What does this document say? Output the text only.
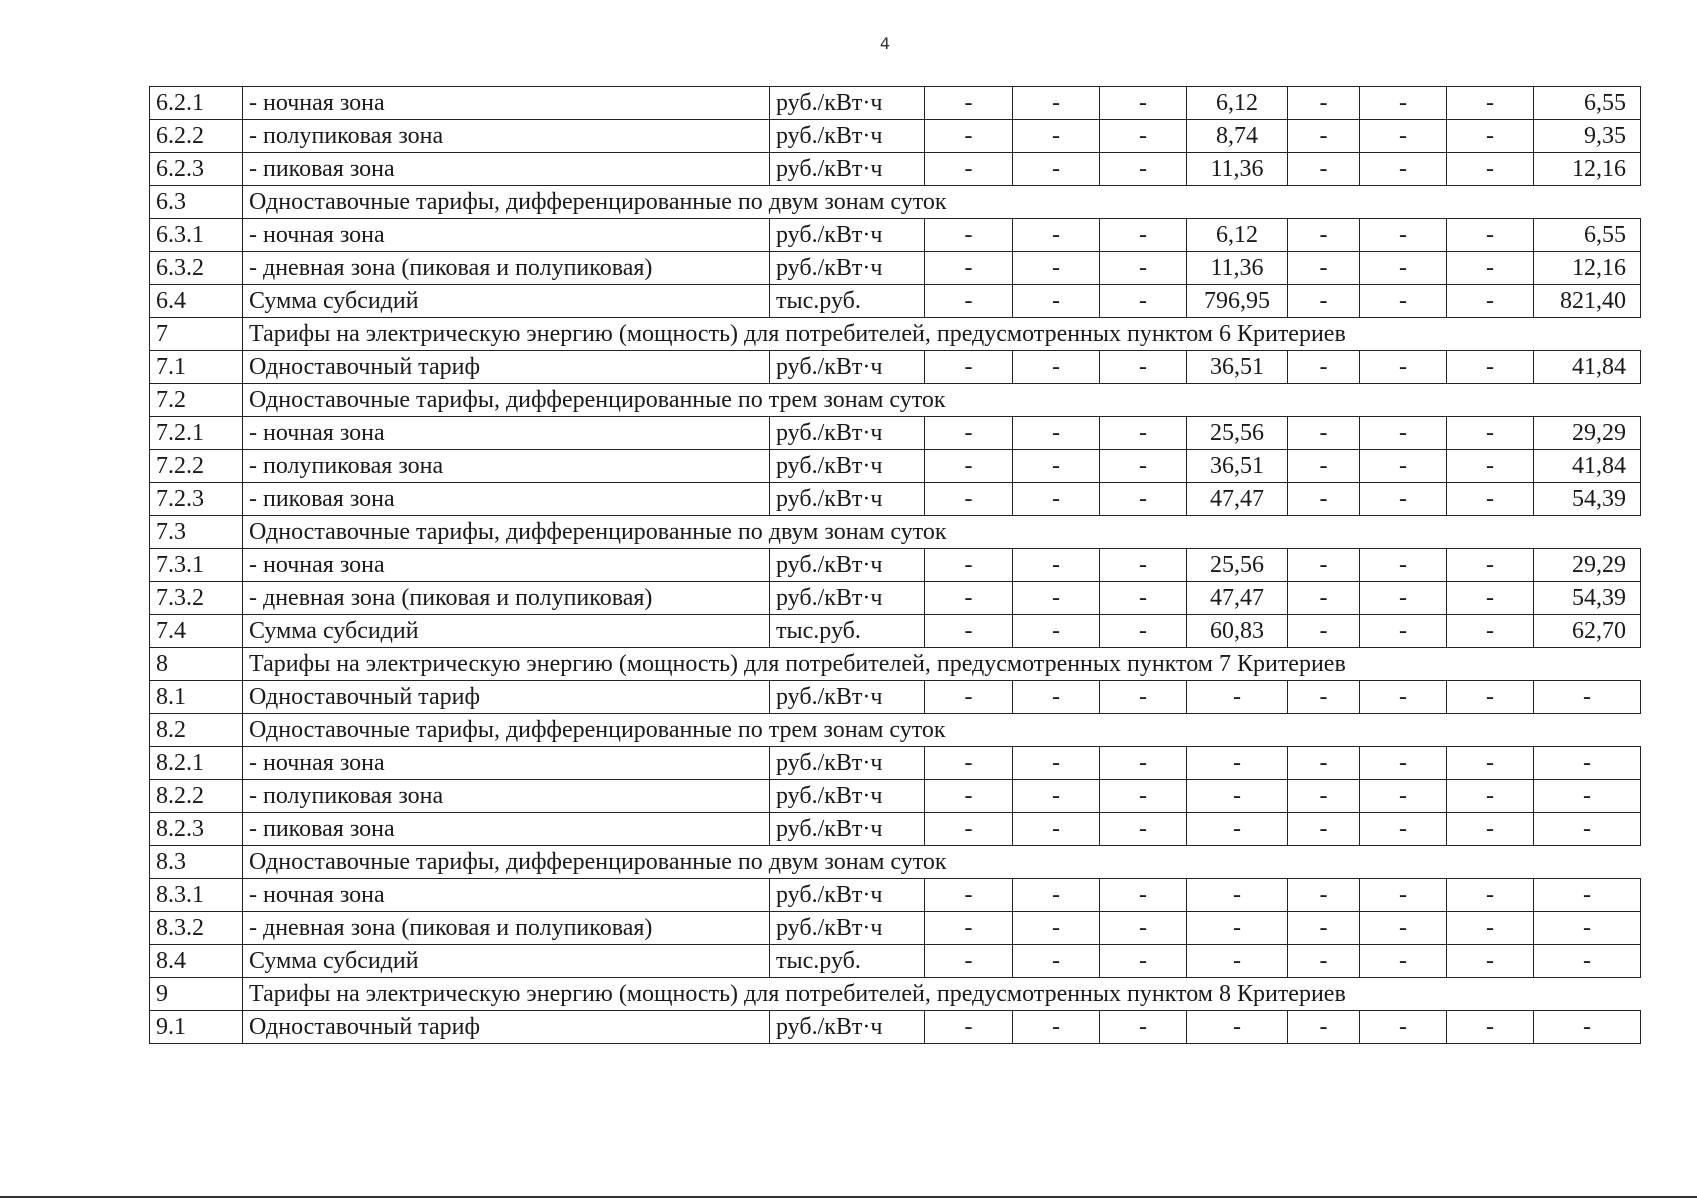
4
6.2.1	- ночная зона	руб./кВт·ч	-	-	-	6,12	-	-	-	6,55
6.2.2	- полупиковая зона	руб./кВт·ч	-	-	-	8,74	-	-	-	9,35
6.2.3	- пиковая зона	руб./кВт·ч	-	-	-	11,36	-	-	-	12,16
6.3	Одноставочные тарифы, дифференцированные по двум зонам суток									
6.3.1	- ночная зона	руб./кВт·ч	-	-	-	6,12	-	-	-	6,55
6.3.2	- дневная зона (пиковая и полупиковая)	руб./кВт·ч	-	-	-	11,36	-	-	-	12,16
6.4	Сумма субсидий	тыс.руб.	-	-	-	796,95	-	-	-	821,40
7	Тарифы на электрическую энергию (мощность) для потребителей, предусмотренных пунктом 6 Критериев									
7.1	Одноставочный тариф	руб./кВт·ч	-	-	-	36,51	-	-	-	41,84
7.2	Одноставочные тарифы, дифференцированные по трем зонам суток									
7.2.1	- ночная зона	руб./кВт·ч	-	-	-	25,56	-	-	-	29,29
7.2.2	- полупиковая зона	руб./кВт·ч	-	-	-	36,51	-	-	-	41,84
7.2.3	- пиковая зона	руб./кВт·ч	-	-	-	47,47	-	-	-	54,39
7.3	Одноставочные тарифы, дифференцированные по двум зонам суток									
7.3.1	- ночная зона	руб./кВт·ч	-	-	-	25,56	-	-	-	29,29
7.3.2	- дневная зона (пиковая и полупиковая)	руб./кВт·ч	-	-	-	47,47	-	-	-	54,39
7.4	Сумма субсидий	тыс.руб.	-	-	-	60,83	-	-	-	62,70
8	Тарифы на электрическую энергию (мощность) для потребителей, предусмотренных пунктом 7 Критериев									
8.1	Одноставочный тариф	руб./кВт·ч	-	-	-	-	-	-	-	-
8.2	Одноставочные тарифы, дифференцированные по трем зонам суток									
8.2.1	- ночная зона	руб./кВт·ч	-	-	-	-	-	-	-	-
8.2.2	- полупиковая зона	руб./кВт·ч	-	-	-	-	-	-	-	-
8.2.3	- пиковая зона	руб./кВт·ч	-	-	-	-	-	-	-	-
8.3	Одноставочные тарифы, дифференцированные по двум зонам суток									
8.3.1	- ночная зона	руб./кВт·ч	-	-	-	-	-	-	-	-
8.3.2	- дневная зона (пиковая и полупиковая)	руб./кВт·ч	-	-	-	-	-	-	-	-
8.4	Сумма субсидий	тыс.руб.	-	-	-	-	-	-	-	-
9	Тарифы на электрическую энергию (мощность) для потребителей, предусмотренных пунктом 8 Критериев									
9.1	Одноставочный тариф	руб./кВт·ч	-	-	-	-	-	-	-	-
